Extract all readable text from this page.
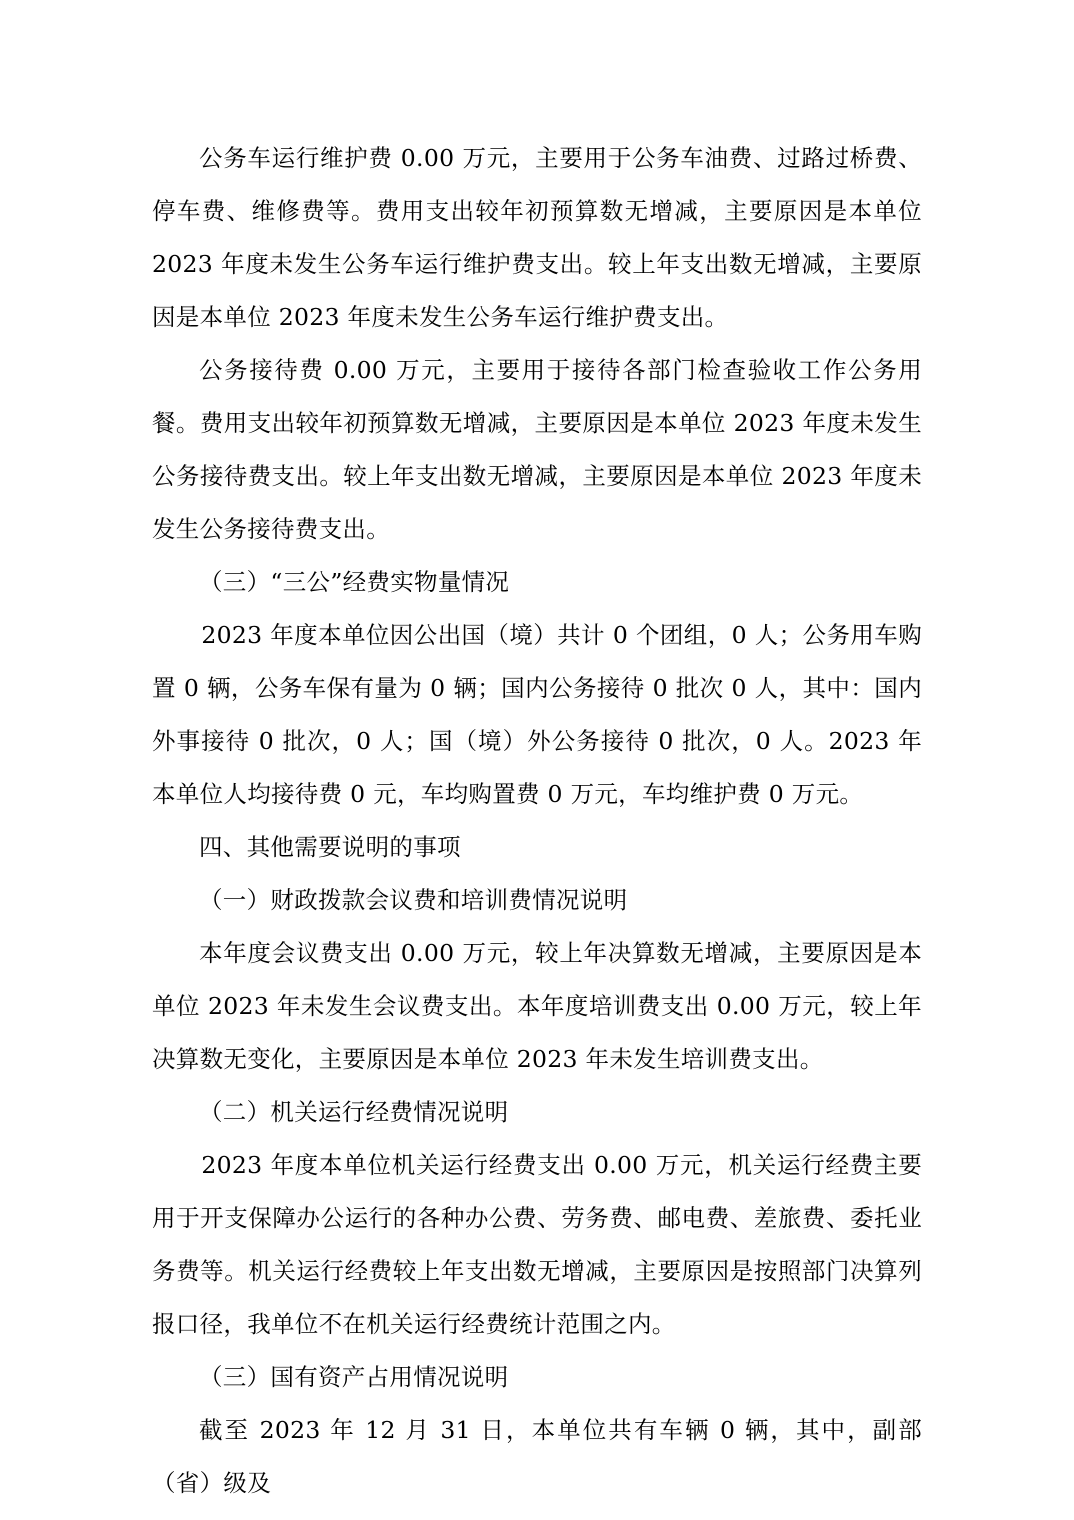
公务车运行维护费 0.00 万元，主要用于公务车油费、过路过桥费、停车费、维修费等。费用支出较年初预算数无增减，主要原因是本单位 2023 年度未发生公务车运行维护费支出。较上年支出数无增减，主要原因是本单位 2023 年度未发生公务车运行维护费支出。

公务接待费 0.00 万元，主要用于接待各部门检查验收工作公务用餐。费用支出较年初预算数无增减，主要原因是本单位 2023 年度未发生公务接待费支出。较上年支出数无增减，主要原因是本单位 2023 年度未发生公务接待费支出。

（三）“三公”经费实物量情况

2023 年度本单位因公出国（境）共计 0 个团组，0 人；公务用车购置 0 辆，公务车保有量为 0 辆；国内公务接待 0 批次 0 人，其中：国内外事接待 0 批次，0 人；国（境）外公务接待 0 批次，0 人。2023 年本单位人均接待费 0 元，车均购置费 0 万元，车均维护费 0 万元。

四、其他需要说明的事项

（一）财政拨款会议费和培训费情况说明

本年度会议费支出 0.00 万元，较上年决算数无增减，主要原因是本单位 2023 年未发生会议费支出。本年度培训费支出 0.00 万元，较上年决算数无变化，主要原因是本单位 2023 年未发生培训费支出。

（二）机关运行经费情况说明

2023 年度本单位机关运行经费支出 0.00 万元，机关运行经费主要用于开支保障办公运行的各种办公费、劳务费、邮电费、差旅费、委托业务费等。机关运行经费较上年支出数无增减，主要原因是按照部门决算列报口径，我单位不在机关运行经费统计范围之内。

（三）国有资产占用情况说明

截至 2023 年 12 月 31 日，本单位共有车辆 0 辆，其中，副部（省）级及
